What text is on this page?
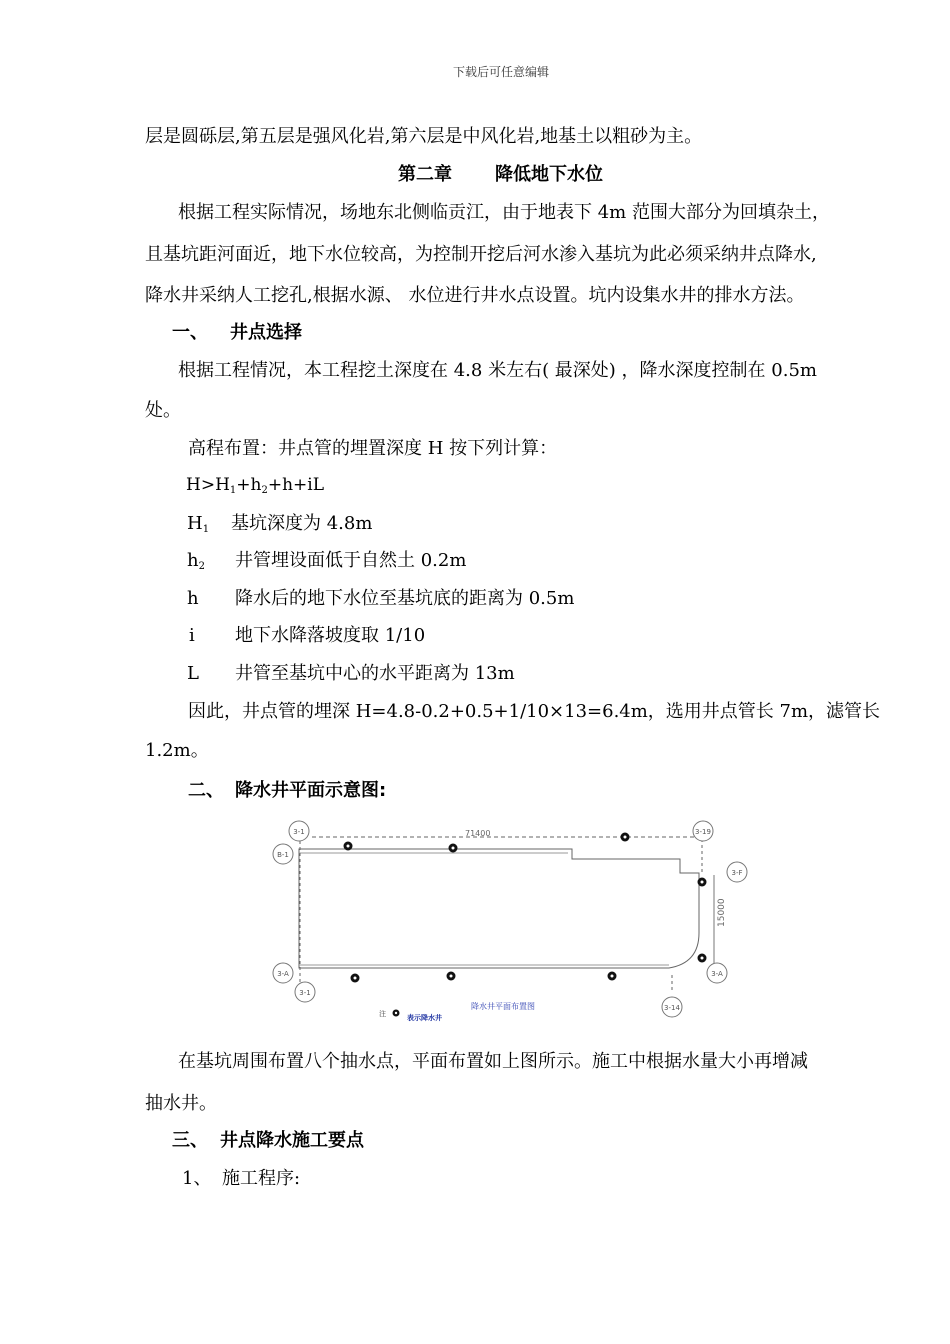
下载后可任意编辑
层是圆砾层,第五层是强风化岩,第六层是中风化岩,地基土以粗砂为主。
第二章 降低地下水位
根据工程实际情况，场地东北侧临贡江，由于地表下 4m 范围大部分为回填杂土，
且基坑距河面近，地下水位较高，为控制开挖后河水渗入基坑为此必须采纳井点降水,
降水井采纳人工挖孔,根据水源、 水位进行井水点设置。坑内设集水井的排水方法。
一、 井点选择
根据工程情况，本工程挖土深度在 4.8 米左右( 最深处) ，降水深度控制在 0.5m
处。
高程布置：井点管的埋置深度 H 按下列计算：
$H>H_1+h_2+h+iL$
$H_1$ 基坑深度为 4.8m
$h_2$ 井管埋设面低于自然土 0.2m
h 降水后的地下水位至基坑底的距离为 0.5m
i 地下水降落坡度取 1/10
L 井管至基坑中心的水平距离为 13m
因此，井点管的埋深 H=4.8-0.2+0.5+1/10×13=6.4m，选用井点管长 7m，滤管长
1.2m。
二、 降水井平面示意图:
71400
15000
3-1	3-19
B-1
3-F
3-A	3-A
3-1
3-14
注	表示降水井
降水井平面布置图
在基坑周围布置八个抽水点，平面布置如上图所示。施工中根据水量大小再增减
抽水井。
三、 井点降水施工要点
1、 施工程序:
